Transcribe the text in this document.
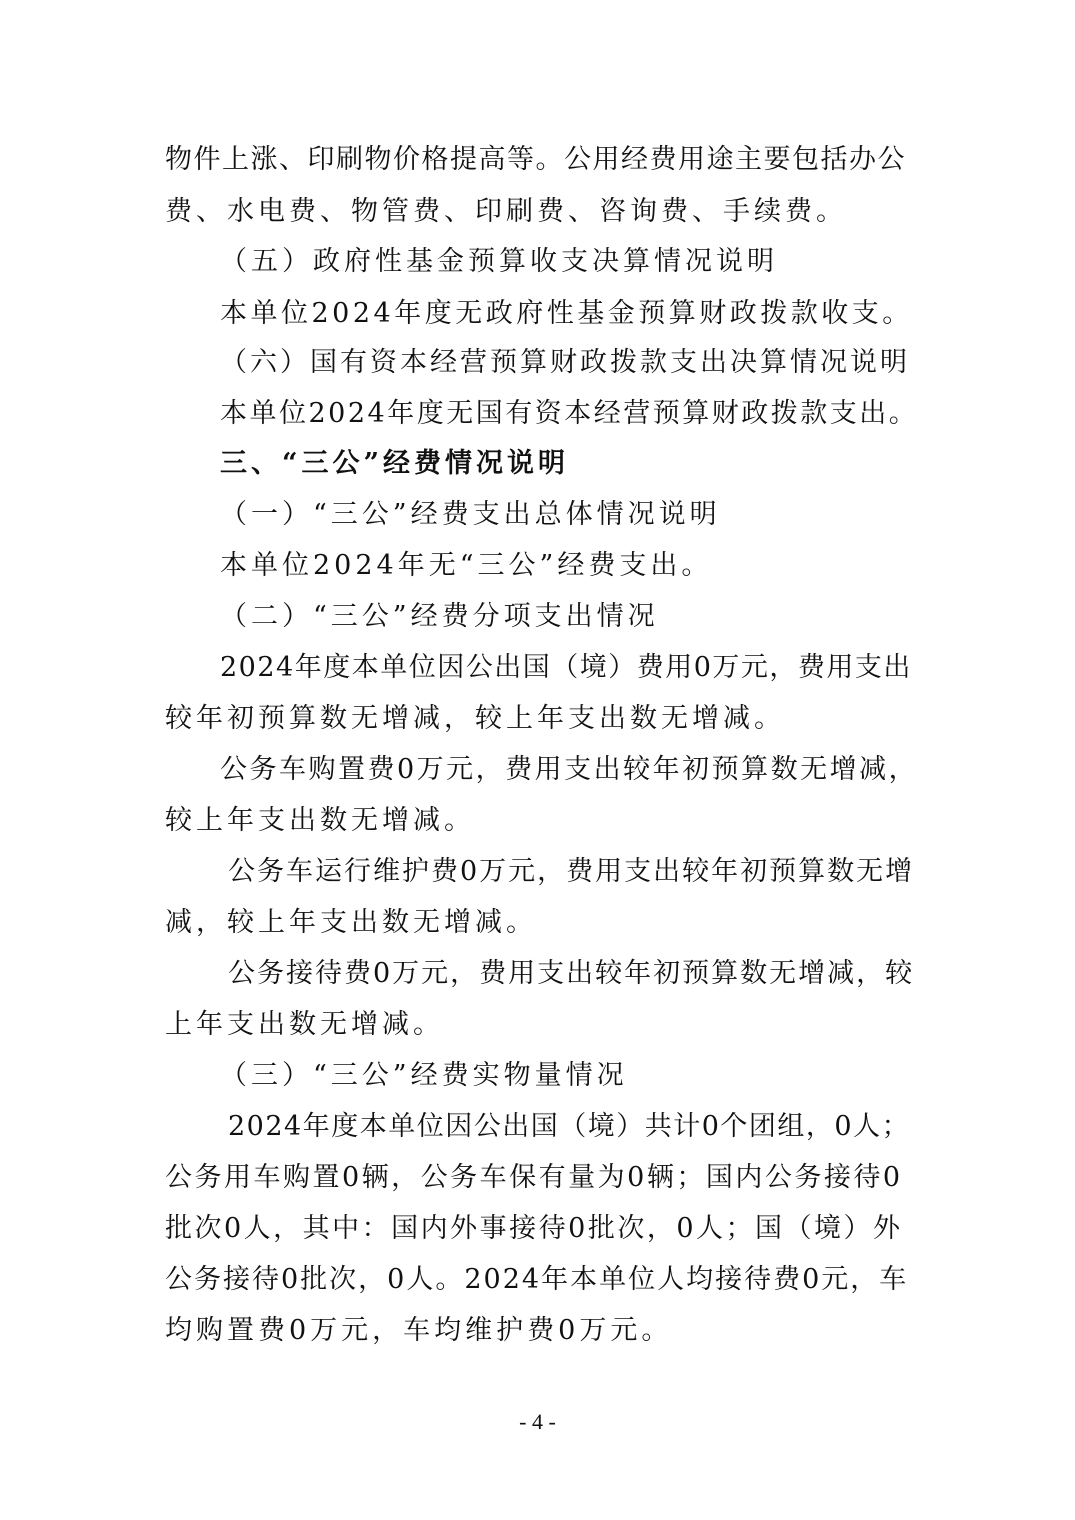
物件上涨、印刷物价格提高等。公用经费用途主要包括办公
费、水电费、物管费、印刷费、咨询费、手续费。
（五）政府性基金预算收支决算情况说明
本单位2024年度无政府性基金预算财政拨款收支。
（六）国有资本经营预算财政拨款支出决算情况说明
本单位2024年度无国有资本经营预算财政拨款支出。
三、“三公”经费情况说明
（一）“三公”经费支出总体情况说明
本单位2024年无“三公”经费支出。
（二）“三公”经费分项支出情况
2024年度本单位因公出国（境）费用0万元，费用支出
较年初预算数无增减，较上年支出数无增减。
公务车购置费0万元，费用支出较年初预算数无增减，
较上年支出数无增减。
公务车运行维护费0万元，费用支出较年初预算数无增
减，较上年支出数无增减。
公务接待费0万元，费用支出较年初预算数无增减，较
上年支出数无增减。
（三）“三公”经费实物量情况
2024年度本单位因公出国（境）共计0个团组，0人；
公务用车购置0辆，公务车保有量为0辆；国内公务接待0
批次0人，其中：国内外事接待0批次，0人；国（境）外
公务接待0批次，0人。2024年本单位人均接待费0元，车
均购置费0万元，车均维护费0万元。
- 4 -
